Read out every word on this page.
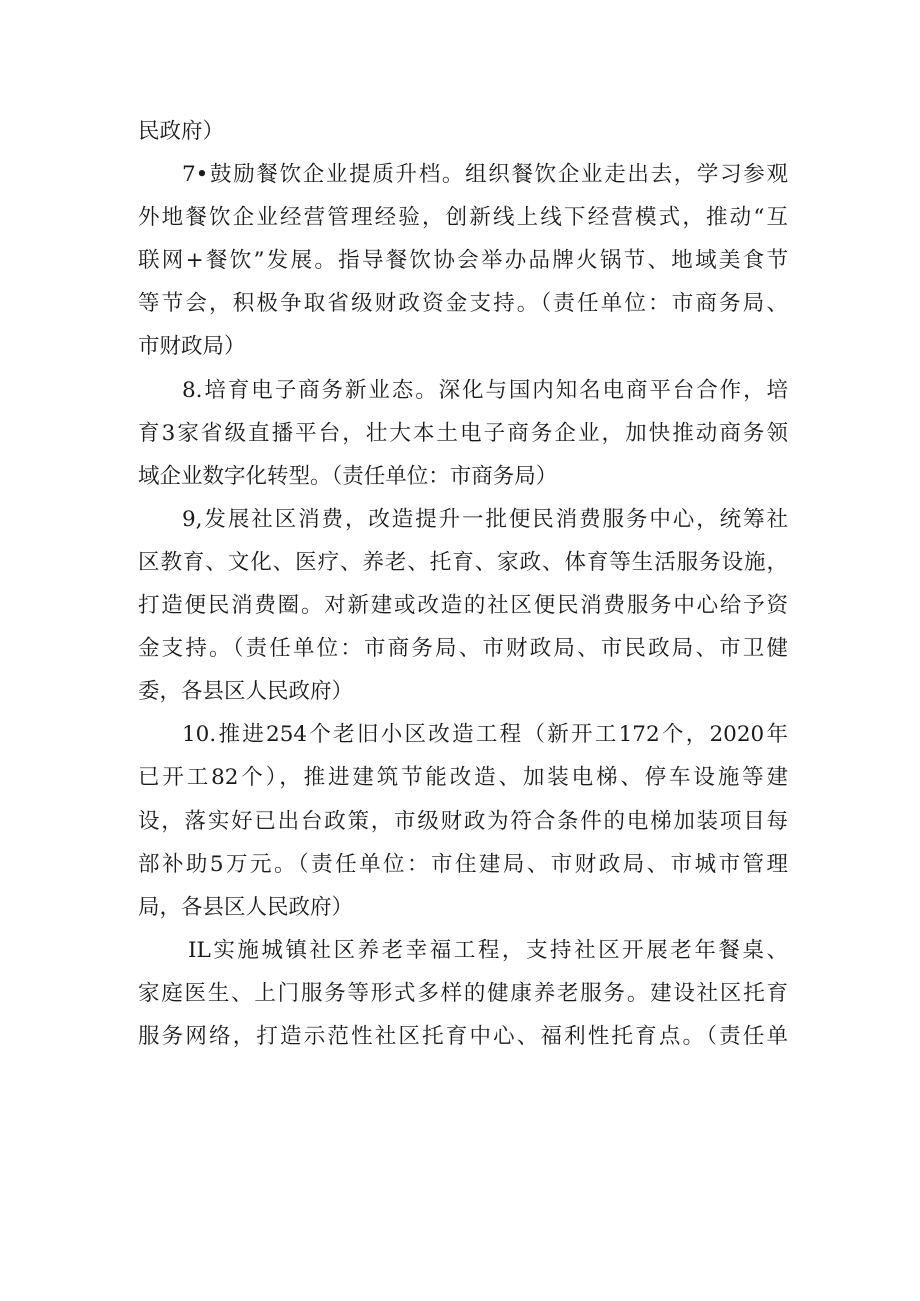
民政府）
7•鼓励餐饮企业提质升档。组织餐饮企业走出去，学习参观
外地餐饮企业经营管理经验，创新线上线下经营模式，推动“互
联网+餐饮”发展。指导餐饮协会举办品牌火锅节、地域美食节
等节会，积极争取省级财政资金支持。（责任单位：市商务局、
市财政局）
8.培育电子商务新业态。深化与国内知名电商平台合作，培
育3家省级直播平台，壮大本土电子商务企业，加快推动商务领
域企业数字化转型。（责任单位：市商务局）
9,发展社区消费，改造提升一批便民消费服务中心，统筹社
区教育、文化、医疗、养老、托育、家政、体育等生活服务设施，
打造便民消费圈。对新建或改造的社区便民消费服务中心给予资
金支持。（责任单位：市商务局、市财政局、市民政局、市卫健
委，各县区人民政府）
10.推进254个老旧小区改造工程（新开工172个，2020年
已开工82个），推进建筑节能改造、加装电梯、停车设施等建
设，落实好已出台政策，市级财政为符合条件的电梯加装项目每
部补助5万元。（责任单位：市住建局、市财政局、市城市管理
局，各县区人民政府）
IL实施城镇社区养老幸福工程，支持社区开展老年餐桌、
家庭医生、上门服务等形式多样的健康养老服务。建设社区托育
服务网络，打造示范性社区托育中心、福利性托育点。（责任单
